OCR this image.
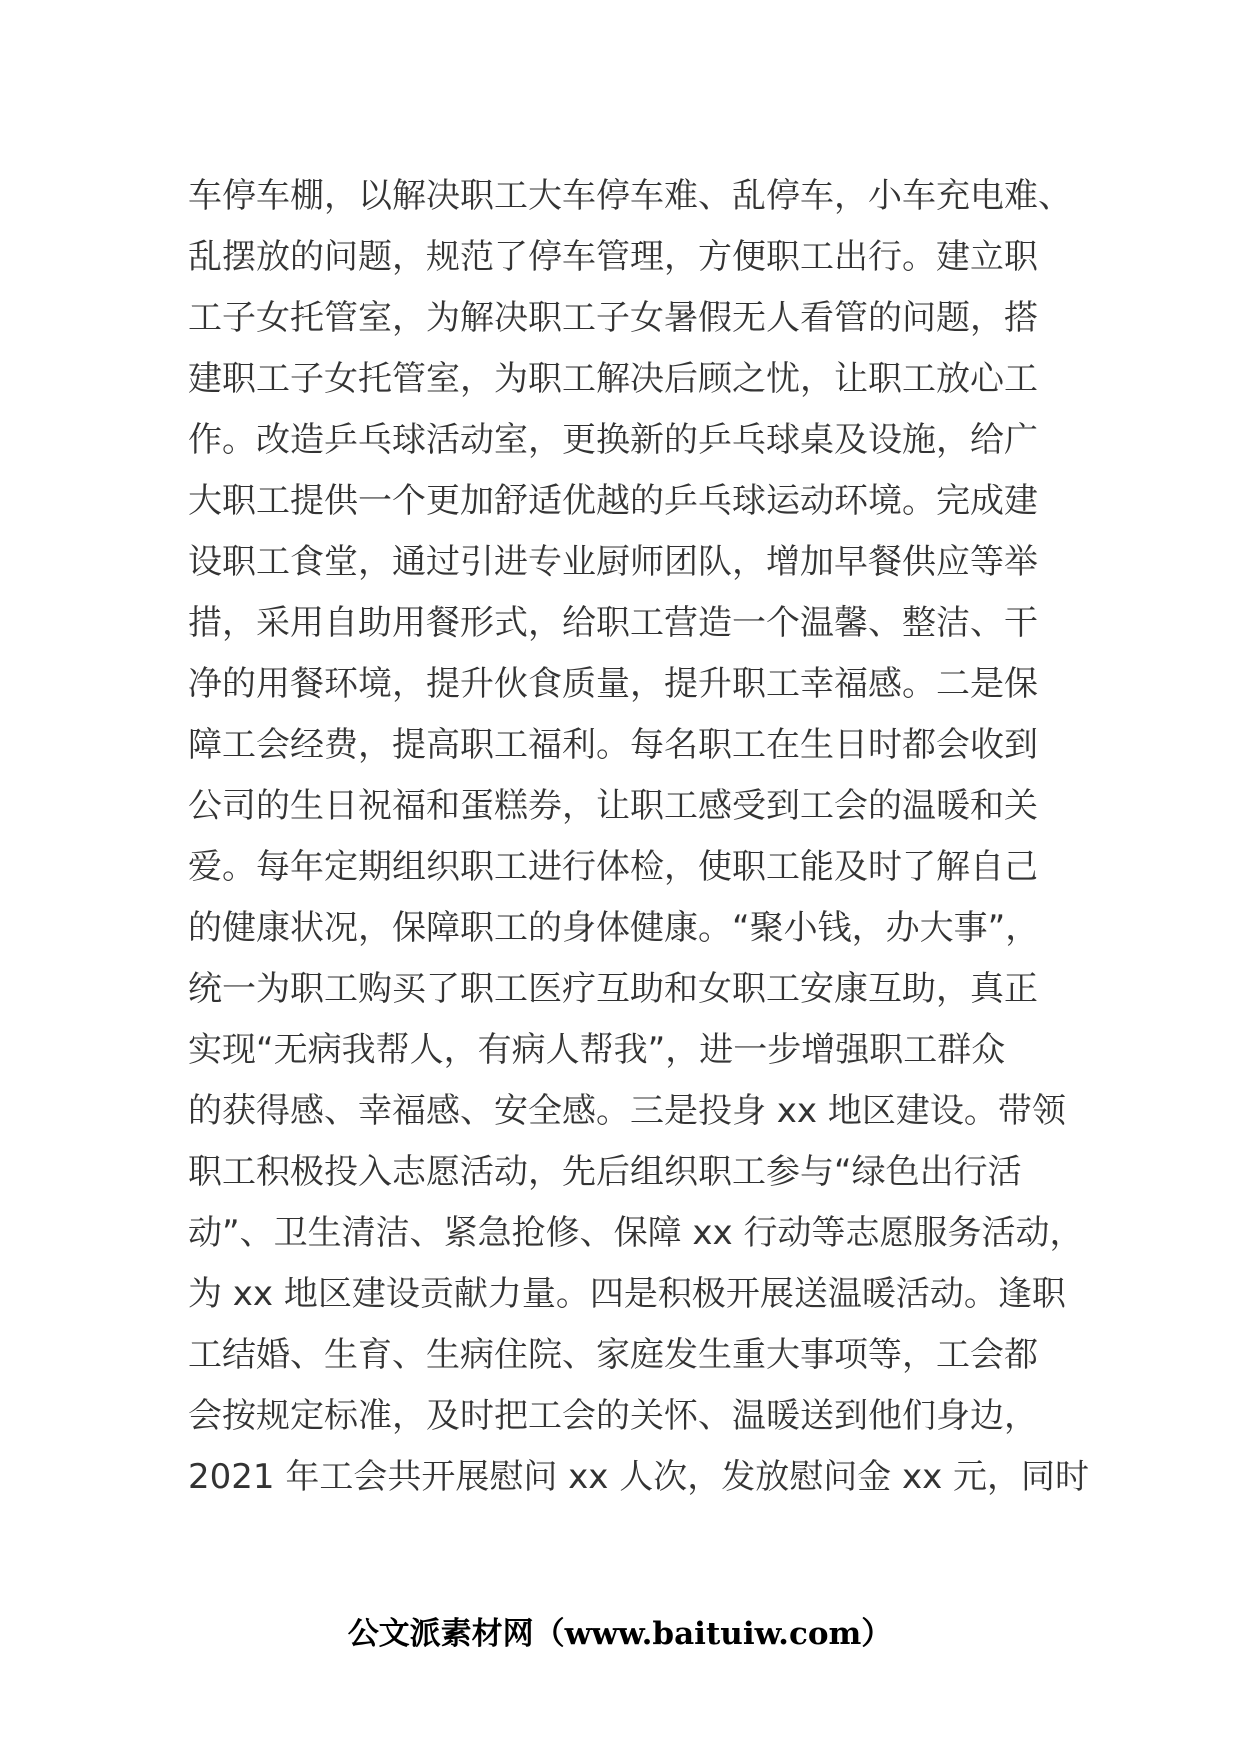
车停车棚，以解决职工大车停车难、乱停车，小车充电难、
乱摆放的问题，规范了停车管理，方便职工出行。建立职
工子女托管室，为解决职工子女暑假无人看管的问题，搭
建职工子女托管室，为职工解决后顾之忧，让职工放心工
作。改造乒乓球活动室，更换新的乒乓球桌及设施，给广
大职工提供一个更加舒适优越的乒乓球运动环境。完成建
设职工食堂，通过引进专业厨师团队，增加早餐供应等举
措，采用自助用餐形式，给职工营造一个温馨、整洁、干
净的用餐环境，提升伙食质量，提升职工幸福感。二是保
障工会经费，提高职工福利。每名职工在生日时都会收到
公司的生日祝福和蛋糕券，让职工感受到工会的温暖和关
爱。每年定期组织职工进行体检，使职工能及时了解自己
的健康状况，保障职工的身体健康。“聚小钱，办大事”，
统一为职工购买了职工医疗互助和女职工安康互助，真正
实现“无病我帮人，有病人帮我”，进一步增强职工群众
的获得感、幸福感、安全感。三是投身 xx 地区建设。带领
职工积极投入志愿活动，先后组织职工参与“绿色出行活
动”、卫生清洁、紧急抢修、保障 xx 行动等志愿服务活动，
为 xx 地区建设贡献力量。四是积极开展送温暖活动。逢职
工结婚、生育、生病住院、家庭发生重大事项等，工会都
会按规定标准，及时把工会的关怀、温暖送到他们身边，
2021 年工会共开展慰问 xx 人次，发放慰问金 xx 元，同时
公文派素材网（www.baituiw.com）
